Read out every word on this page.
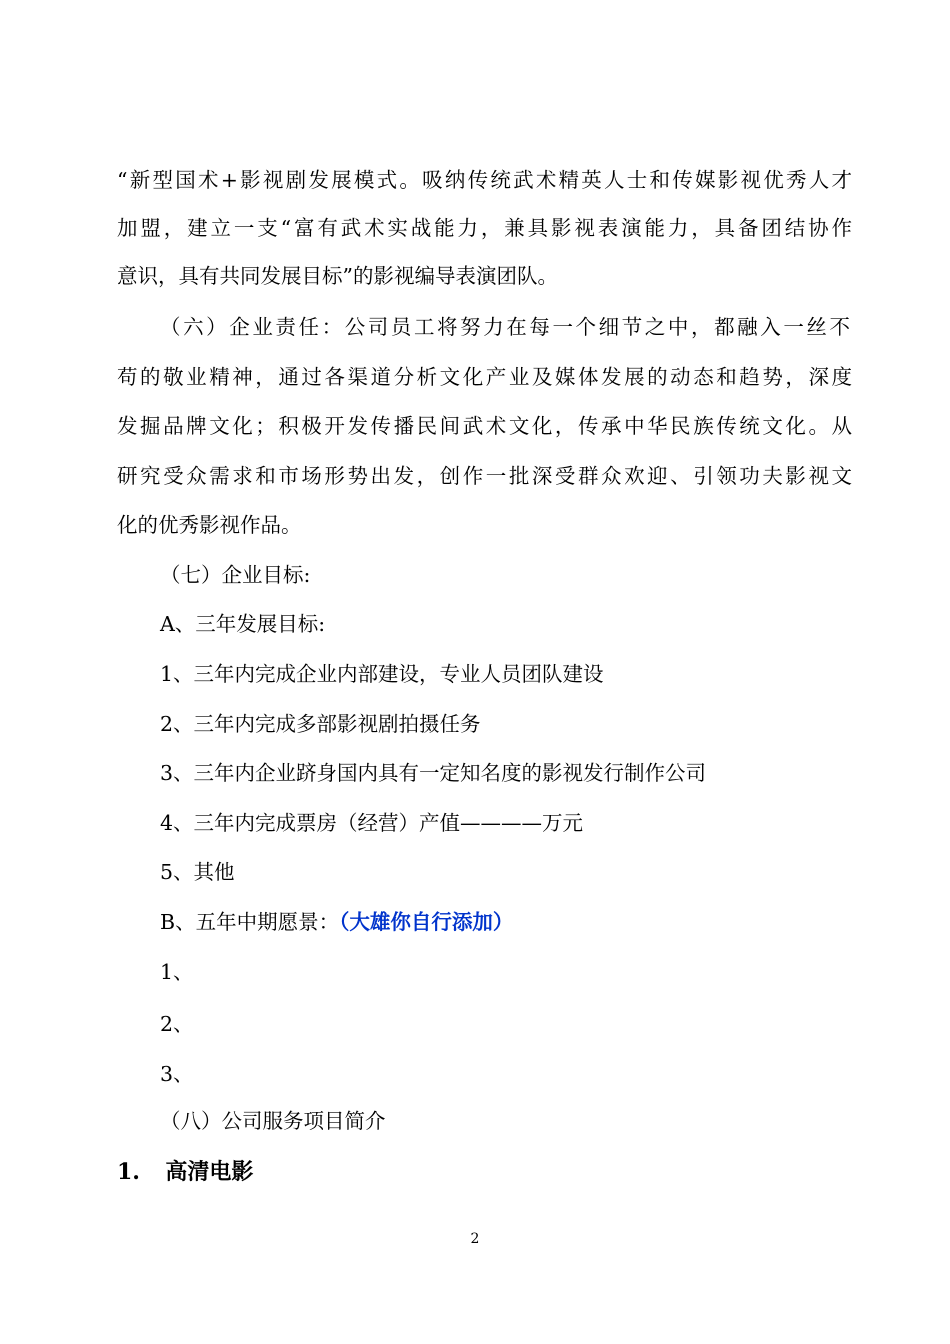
“新型国术+影视剧发展模式。吸纳传统武术精英人士和传媒影视优秀人才
加盟，建立一支“富有武术实战能力，兼具影视表演能力，具备团结协作
意识，具有共同发展目标”的影视编导表演团队。
（六）企业责任：公司员工将努力在每一个细节之中，都融入一丝不
苟的敬业精神，通过各渠道分析文化产业及媒体发展的动态和趋势，深度
发掘品牌文化；积极开发传播民间武术文化，传承中华民族传统文化。从
研究受众需求和市场形势出发，创作一批深受群众欢迎、引领功夫影视文
化的优秀影视作品。
（七）企业目标:
A、三年发展目标:
1、三年内完成企业内部建设，专业人员团队建设
2、三年内完成多部影视剧拍摄任务
3、三年内企业跻身国内具有一定知名度的影视发行制作公司
4、三年内完成票房（经营）产值————万元
5、其他
B、五年中期愿景：（大雄你自行添加）
1、
2、
3、
（八）公司服务项目简介
1. 高清电影
2
